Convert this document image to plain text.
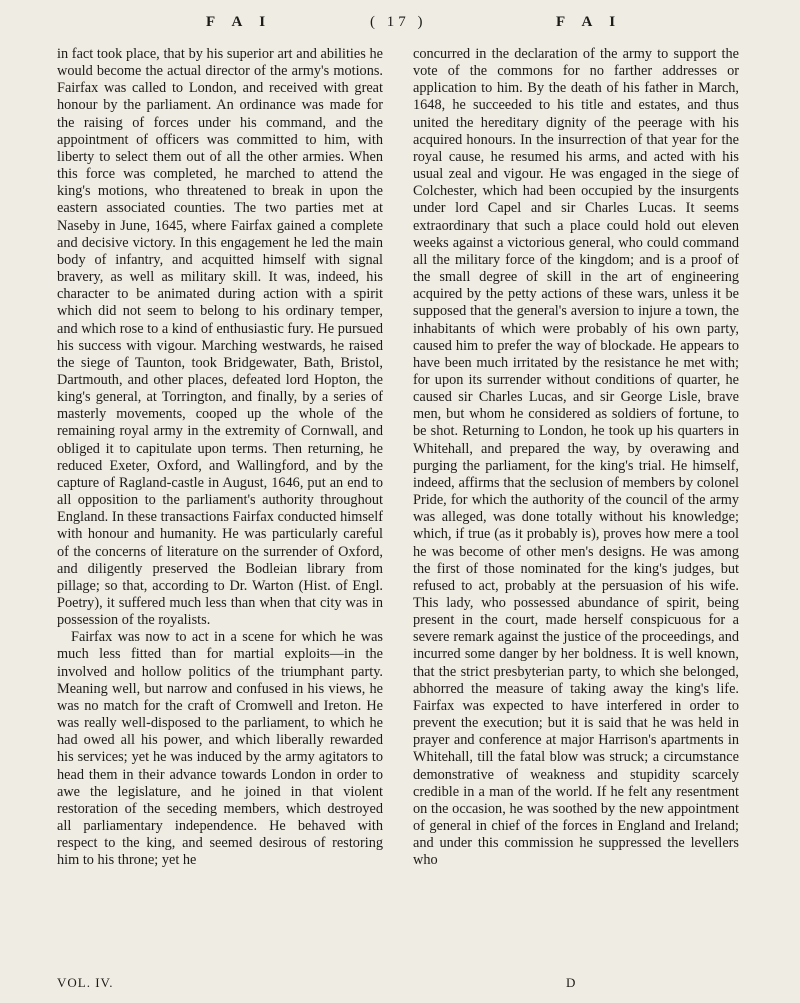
F A I	( 17 )	F A I

in fact took place, that by his superior art and abilities he would become the actual director of the army's motions. Fairfax was called to London, and received with great honour by the parliament. An ordinance was made for the raising of forces under his command, and the appointment of officers was committed to him, with liberty to select them out of all the other armies. When this force was completed, he marched to attend the king's motions, who threatened to break in upon the eastern associated counties. The two parties met at Naseby in June, 1645, where Fairfax gained a complete and decisive victory. In this engagement he led the main body of infantry, and acquitted himself with signal bravery, as well as military skill. It was, indeed, his character to be animated during action with a spirit which did not seem to belong to his ordinary temper, and which rose to a kind of enthusiastic fury. He pursued his success with vigour. Marching westwards, he raised the siege of Taunton, took Bridgewater, Bath, Bristol, Dartmouth, and other places, defeated lord Hopton, the king's general, at Torrington, and finally, by a series of masterly movements, cooped up the whole of the remaining royal army in the extremity of Cornwall, and obliged it to capitulate upon terms. Then returning, he reduced Exeter, Oxford, and Wallingford, and by the capture of Ragland-castle in August, 1646, put an end to all opposition to the parliament's authority throughout England. In these transactions Fairfax conducted himself with honour and humanity. He was particularly careful of the concerns of literature on the surrender of Oxford, and diligently preserved the Bodleian library from pillage; so that, according to Dr. Warton (Hist. of Engl. Poetry), it suffered much less than when that city was in possession of the royalists.

Fairfax was now to act in a scene for which he was much less fitted than for martial exploits—in the involved and hollow politics of the triumphant party. Meaning well, but narrow and confused in his views, he was no match for the craft of Cromwell and Ireton. He was really well-disposed to the parliament, to which he had owed all his power, and which liberally rewarded his services; yet he was induced by the army agitators to head them in their advance towards London in order to awe the legislature, and he joined in that violent restoration of the seceding members, which destroyed all parliamentary independence. He behaved with respect to the king, and seemed desirous of restoring him to his throne; yet he

concurred in the declaration of the army to support the vote of the commons for no farther addresses or application to him. By the death of his father in March, 1648, he succeeded to his title and estates, and thus united the hereditary dignity of the peerage with his acquired honours. In the insurrection of that year for the royal cause, he resumed his arms, and acted with his usual zeal and vigour. He was engaged in the siege of Colchester, which had been occupied by the insurgents under lord Capel and sir Charles Lucas. It seems extraordinary that such a place could hold out eleven weeks against a victorious general, who could command all the military force of the kingdom; and is a proof of the small degree of skill in the art of engineering acquired by the petty actions of these wars, unless it be supposed that the general's aversion to injure a town, the inhabitants of which were probably of his own party, caused him to prefer the way of blockade. He appears to have been much irritated by the resistance he met with; for upon its surrender without conditions of quarter, he caused sir Charles Lucas, and sir George Lisle, brave men, but whom he considered as soldiers of fortune, to be shot. Returning to London, he took up his quarters in Whitehall, and prepared the way, by overawing and purging the parliament, for the king's trial. He himself, indeed, affirms that the seclusion of members by colonel Pride, for which the authority of the council of the army was alleged, was done totally without his knowledge; which, if true (as it probably is), proves how mere a tool he was become of other men's designs. He was among the first of those nominated for the king's judges, but refused to act, probably at the persuasion of his wife. This lady, who possessed abundance of spirit, being present in the court, made herself conspicuous for a severe remark against the justice of the proceedings, and incurred some danger by her boldness. It is well known, that the strict presbyterian party, to which she belonged, abhorred the measure of taking away the king's life. Fairfax was expected to have interfered in order to prevent the execution; but it is said that he was held in prayer and conference at major Harrison's apartments in Whitehall, till the fatal blow was struck; a circumstance demonstrative of weakness and stupidity scarcely credible in a man of the world. If he felt any resentment on the occasion, he was soothed by the new appointment of general in chief of the forces in England and Ireland; and under this commission he suppressed the levellers who

VOL. IV.	D
